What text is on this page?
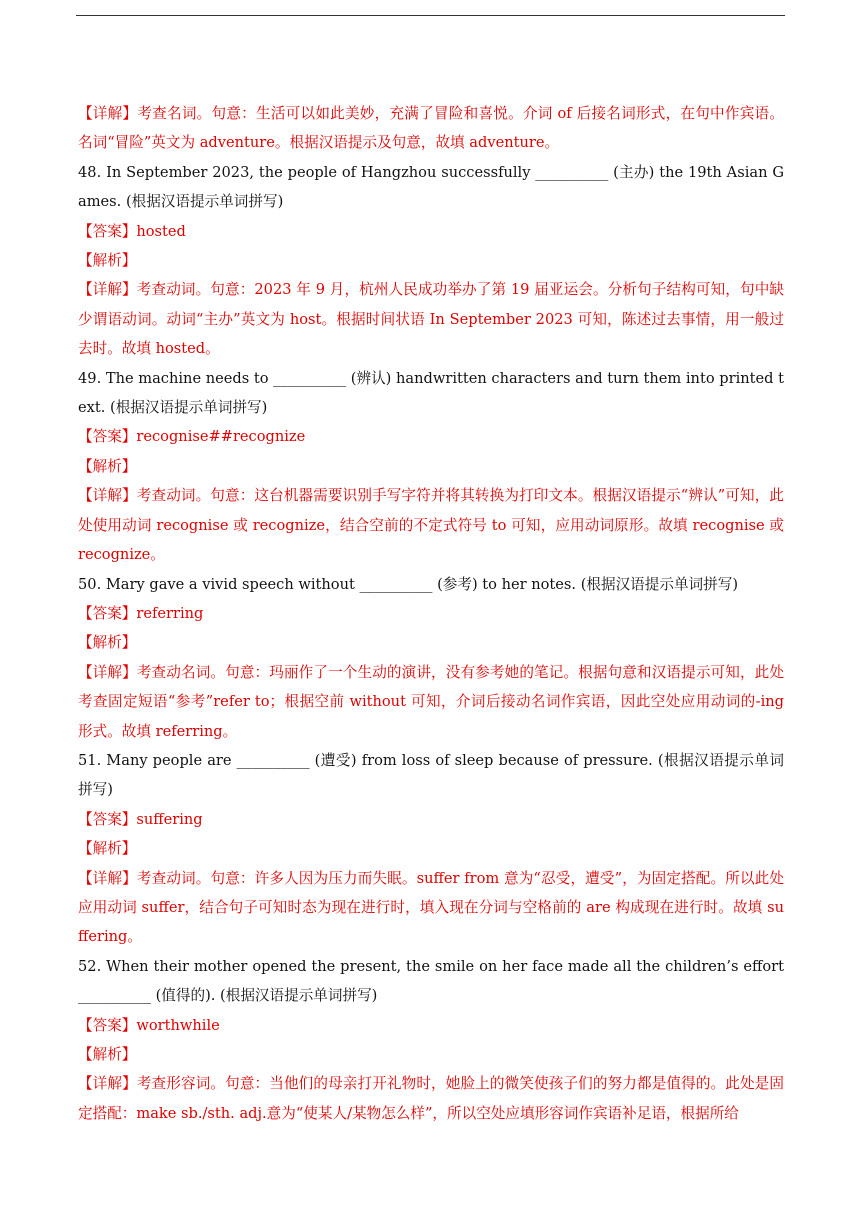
【详解】考查名词。句意：生活可以如此美妙，充满了冒险和喜悦。介词 of 后接名词形式，在句中作宾语。名词“冒险”英文为 adventure。根据汉语提示及句意，故填 adventure。

48. In September 2023, the people of Hangzhou successfully __________ (主办) the 19th Asian Games. (根据汉语提示单词拼写)

【答案】hosted

【解析】

【详解】考查动词。句意：2023 年 9 月，杭州人民成功举办了第 19 届亚运会。分析句子结构可知，句中缺少谓语动词。动词“主办”英文为 host。根据时间状语 In September 2023 可知，陈述过去事情，用一般过去时。故填 hosted。

49. The machine needs to __________ (辨认) handwritten characters and turn them into printed text. (根据汉语提示单词拼写)

【答案】recognise##recognize

【解析】

【详解】考查动词。句意：这台机器需要识别手写字符并将其转换为打印文本。根据汉语提示“辨认”可知，此处使用动词 recognise 或 recognize，结合空前的不定式符号 to 可知，应用动词原形。故填 recognise 或 recognize。

50. Mary gave a vivid speech without __________ (参考) to her notes. (根据汉语提示单词拼写)

【答案】referring

【解析】

【详解】考查动名词。句意：玛丽作了一个生动的演讲，没有参考她的笔记。根据句意和汉语提示可知，此处考查固定短语“参考”refer to；根据空前 without 可知，介词后接动名词作宾语，因此空处应用动词的-ing 形式。故填 referring。

51. Many people are __________ (遭受) from loss of sleep because of pressure. (根据汉语提示单词拼写)

【答案】suffering

【解析】

【详解】考查动词。句意：许多人因为压力而失眠。suffer from 意为“忍受，遭受”，为固定搭配。所以此处应用动词 suffer，结合句子可知时态为现在进行时，填入现在分词与空格前的 are 构成现在进行时。故填 suffering。

52. When their mother opened the present, the smile on her face made all the children’s effort __________ (值得的). (根据汉语提示单词拼写)

【答案】worthwhile

【解析】

【详解】考查形容词。句意：当他们的母亲打开礼物时，她脸上的微笑使孩子们的努力都是值得的。此处是固定搭配：make sb./sth. adj.意为“使某人/某物怎么样”，所以空处应填形容词作宾语补足语，根据所给
